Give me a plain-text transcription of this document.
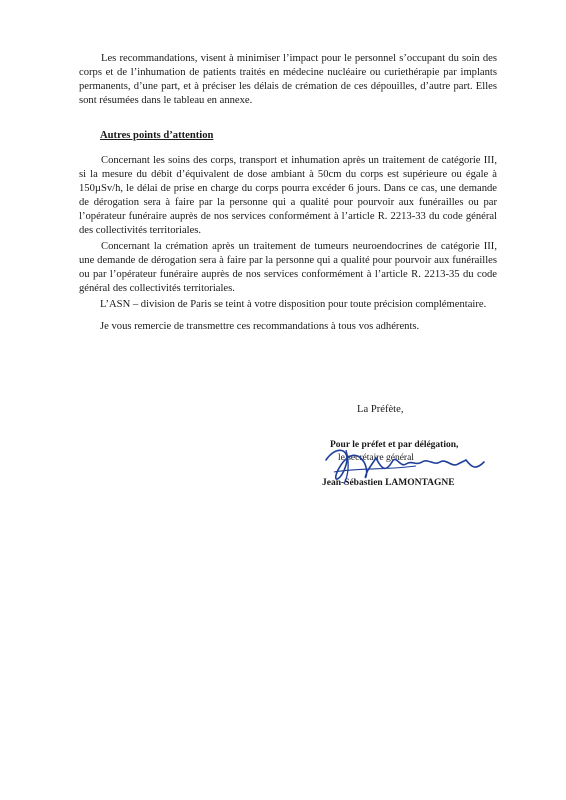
Les recommandations, visent à minimiser l’impact pour le personnel s’occupant du soin des corps et de l’inhumation de patients traités en médecine nucléaire ou curiethérapie par implants permanents, d’une part, et à préciser les délais de crémation de ces dépouilles, d’autre part. Elles sont résumées dans le tableau en annexe.

Autres points d’attention

Concernant les soins des corps, transport et inhumation après un traitement de catégorie III, si la mesure du débit d’équivalent de dose ambiant à 50cm du corps est supérieure ou égale à 150µSv/h, le délai de prise en charge du corps pourra excéder 6 jours. Dans ce cas, une demande de dérogation sera à faire par la personne qui a qualité pour pourvoir aux funérailles ou par l’opérateur funéraire auprès de nos services conformément à l’article R. 2213-33 du code général des collectivités territoriales.

Concernant la crémation après un traitement de tumeurs neuroendocrines de catégorie III, une demande de dérogation sera à faire par la personne qui a qualité pour pourvoir aux funérailles ou par l’opérateur funéraire auprès de nos services conformément à l’article R. 2213-35 du code général des collectivités territoriales.

L’ASN – division de Paris se teint à votre disposition pour toute précision complémentaire.

Je vous remercie de transmettre ces recommandations à tous vos adhérents.

La Préfète,

Pour le préfet et par délégation,
le secrétaire général
Jean-Sébastien LAMONTAGNE
